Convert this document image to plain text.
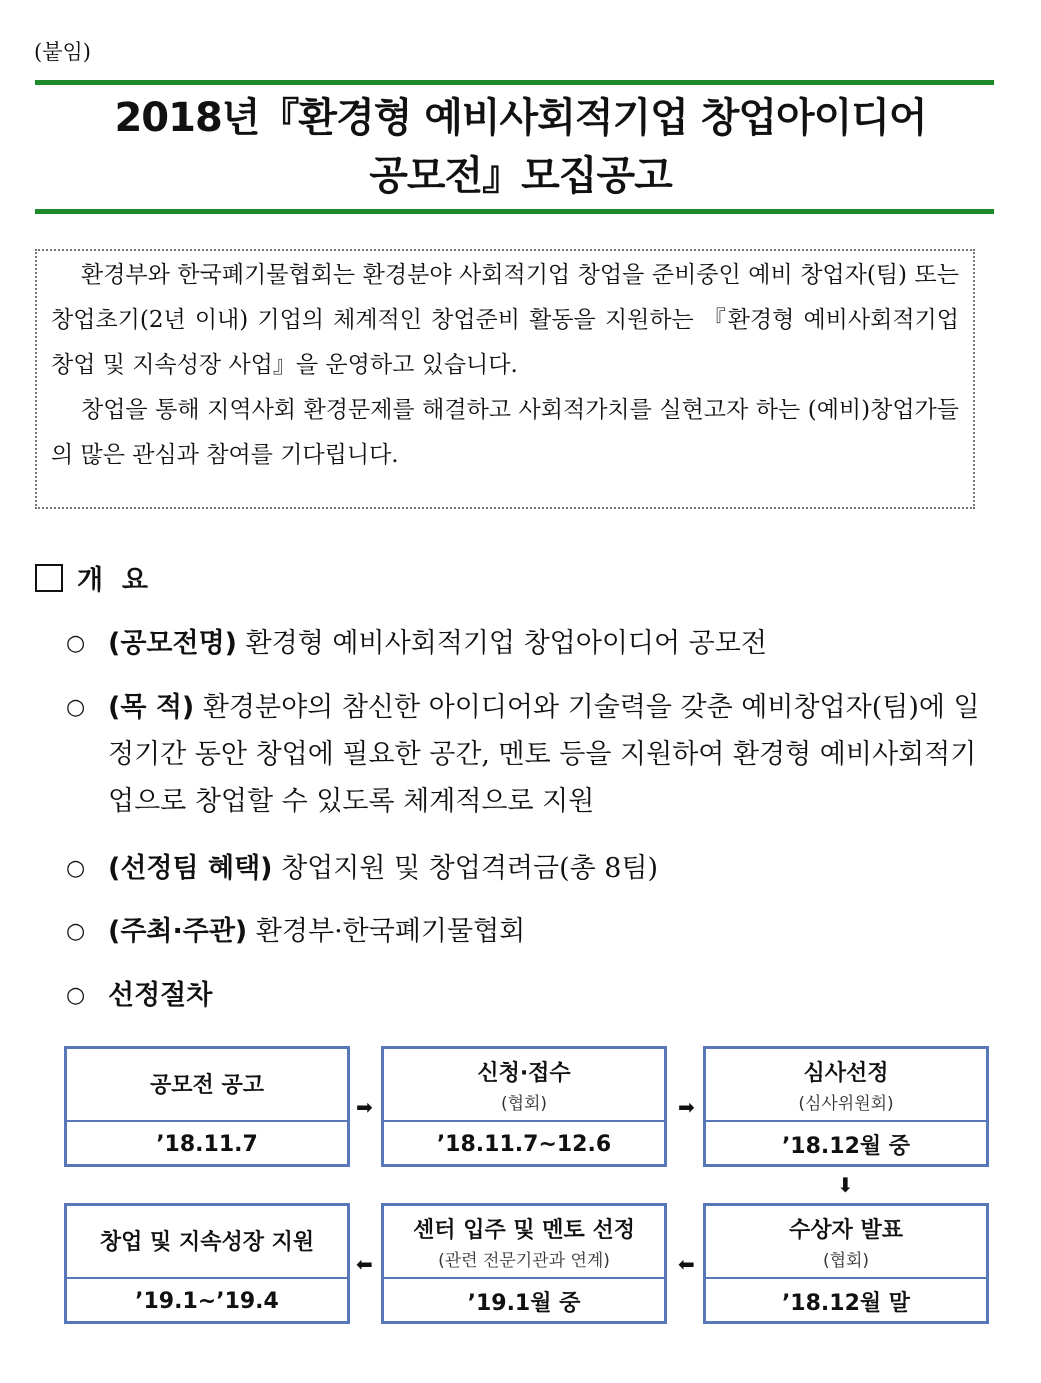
(붙임)
2018년『환경형 예비사회적기업 창업아이디어
공모전』모집공고

환경부와 한국폐기물협회는 환경분야 사회적기업 창업을 준비중인 예비 창업자(팀) 또는 창업초기(2년 이내) 기업의 체계적인 창업준비 활동을 지원하는 『환경형 예비사회적기업 창업 및 지속성장 사업』을 운영하고 있습니다.

창업을 통해 지역사회 환경문제를 해결하고 사회적가치를 실현고자 하는 (예비)창업가들의 많은 관심과 참여를 기다립니다.

개  요
○ (공모전명) 환경형 예비사회적기업 창업아이디어 공모전
○ (목 적) 환경분야의 참신한 아이디어와 기술력을 갖춘 예비창업자(팀)에 일정기간 동안 창업에 필요한 공간, 멘토 등을 지원하여 환경형 예비사회적기업으로 창업할 수 있도록 체계적으로 지원
○ (선정팀 혜택) 창업지원 및 창업격려금(총 8팀)
○ (주최·주관) 환경부·한국폐기물협회
○ 선정절차
공모전 공고
’18.11.7
➡
신청·접수
(협회)
’18.11.7~12.6
➡
심사선정
(심사위원회)
’18.12월 중
⬇
창업 및 지속성장 지원
’19.1~’19.4
⬅
센터 입주 및 멘토 선정
(관련 전문기관과 연계)
’19.1월 중
⬅
수상자 발표
(협회)
’18.12월 말
